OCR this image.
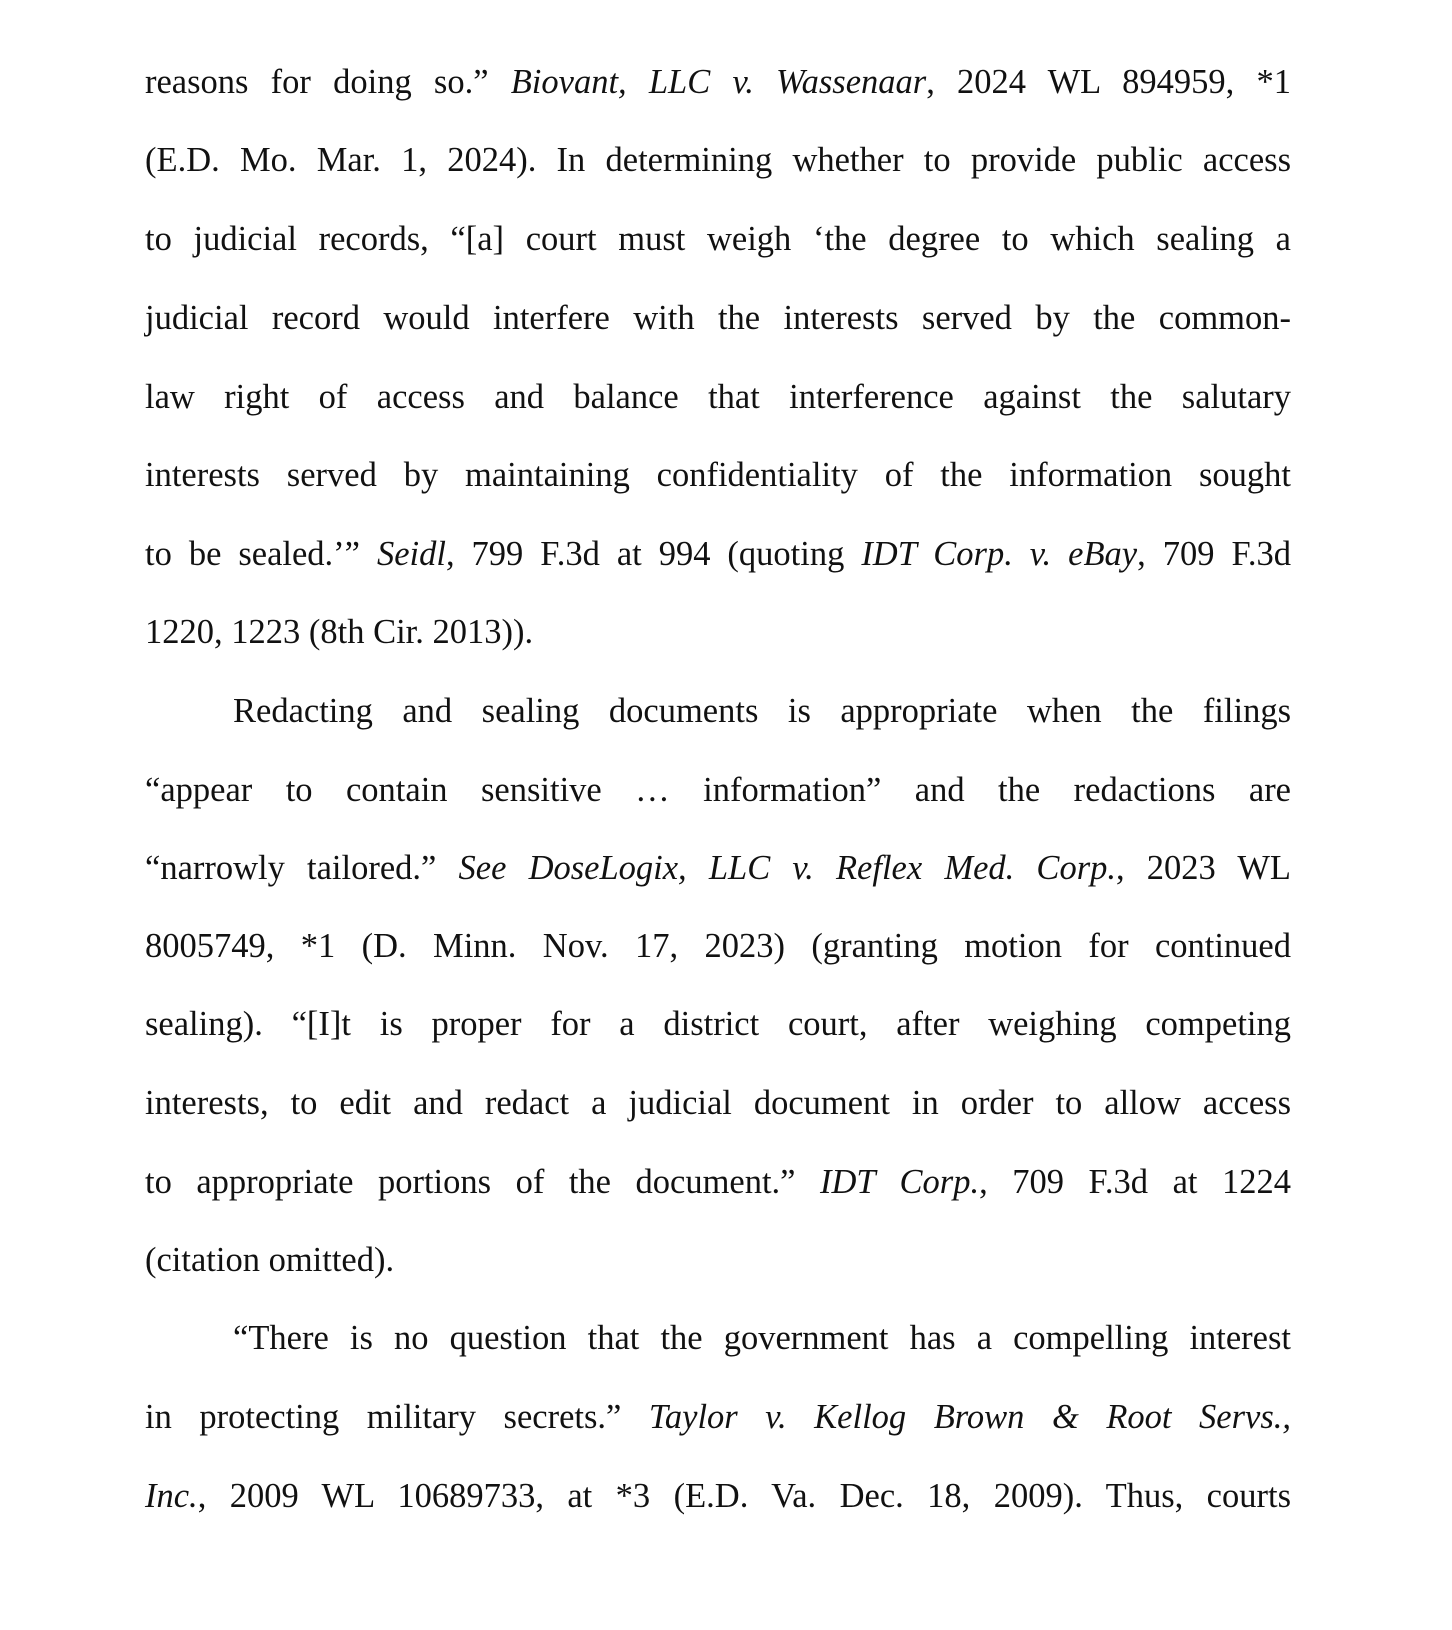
reasons for doing so.” Biovant, LLC v. Wassenaar, 2024 WL 894959, *1
(E.D. Mo. Mar. 1, 2024). In determining whether to provide public access
to judicial records, “[a] court must weigh ‘the degree to which sealing a
judicial record would interfere with the interests served by the common-
law right of access and balance that interference against the salutary
interests served by maintaining confidentiality of the information sought
to be sealed.’” Seidl, 799 F.3d at 994 (quoting IDT Corp. v. eBay, 709 F.3d
1220, 1223 (8th Cir. 2013)).
Redacting and sealing documents is appropriate when the filings
“appear to contain sensitive … information” and the redactions are
“narrowly tailored.” See DoseLogix, LLC v. Reflex Med. Corp., 2023 WL
8005749, *1 (D. Minn. Nov. 17, 2023) (granting motion for continued
sealing). “[I]t is proper for a district court, after weighing competing
interests, to edit and redact a judicial document in order to allow access
to appropriate portions of the document.” IDT Corp., 709 F.3d at 1224
(citation omitted).
“There is no question that the government has a compelling interest
in protecting military secrets.” Taylor v. Kellog Brown & Root Servs.,
Inc., 2009 WL 10689733, at *3 (E.D. Va. Dec. 18, 2009). Thus, courts
